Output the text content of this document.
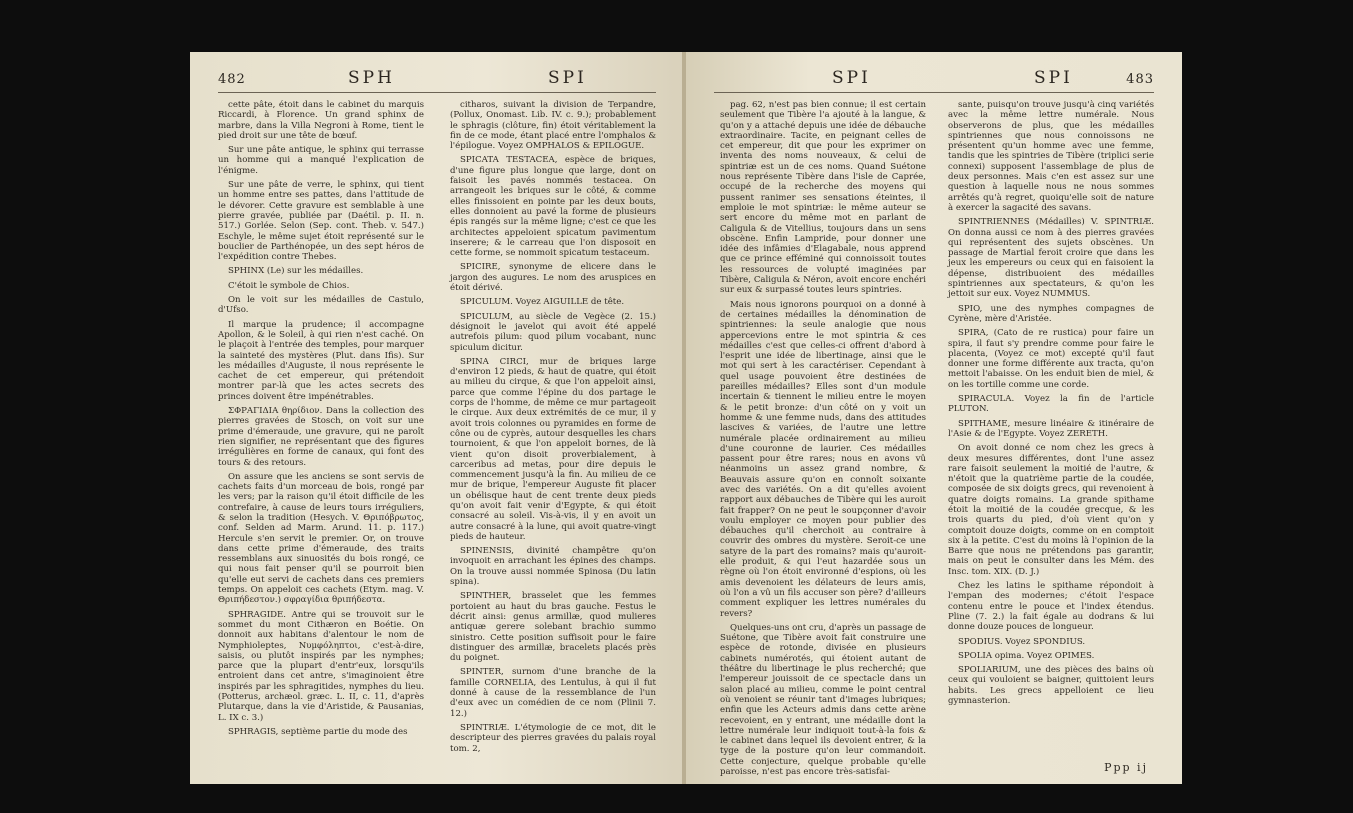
482	SPH	SPI

cette pâte, étoit dans le cabinet du marquis Riccardi, à Florence. Un grand sphinx de marbre, dans la Villa Negroni à Rome, tient le pied droit sur une tête de bœuf.

Sur une pâte antique, le sphinx qui terrasse un homme qui a manqué l'explication de l'énigme.

Sur une pâte de verre, le sphinx, qui tient un homme entre ses pattes, dans l'attitude de le dévorer. Cette gravure est semblable à une pierre gravée, publiée par (Daétil. p. II. n. 517.) Gorlée. Selon (Sep. cont. Theb. v. 547.) Eschyle, le même sujet étoit représenté sur le bouclier de Parthénopée, un des sept héros de l'expédition contre Thebes.

SPHINX (Le) sur les médailles.

C'étoit le symbole de Chios.

On le voit sur les médailles de Castulo, d'Ufso.

Il marque la prudence; il accompagne Apollon, & le Soleil, à qui rien n'est caché. On le plaçoit à l'entrée des temples, pour marquer la sainteté des mystères (Plut. dans Ifis). Sur les médailles d'Auguste, il nous représente le cachet de cet empereur, qui prétendoit montrer par-là que les actes secrets des princes doivent être impénétrables.

ΣΦΡΑΓΙΔΙΑ θηρίδιον. Dans la collection des pierres gravées de Stosch, on voit sur une prime d'émeraude, une gravure, qui ne paroît rien signifier, ne représentant que des figures irrégulières en forme de canaux, qui font des tours & des retours.

On assure que les anciens se sont servis de cachets faits d'un morceau de bois, rongé par les vers; par la raison qu'il étoit difficile de les contrefaire, à cause de leurs tours irréguliers, & selon la tradition (Hesych. V. Θριπόβρωτος, conf. Selden ad Marm. Arund. 11. p. 117.) Hercule s'en servit le premier. Or, on trouve dans cette prime d'émeraude, des traits ressemblans aux sinuosités du bois rongé, ce qui nous fait penser qu'il se pourroit bien qu'elle eut servi de cachets dans ces premiers temps. On appeloit ces cachets (Etym. mag. V. Θριπήδεστον.) σφραγίδια θριπήδεστα.

SPHRAGIDE. Antre qui se trouvoit sur le sommet du mont Cithæron en Boétie. On donnoit aux habitans d'alentour le nom de Nymphioleptes, Νυμφόληπτοι, c'est-à-dire, saisis, ou plutôt inspirés par les nymphes; parce que la plupart d'entr'eux, lorsqu'ils entroient dans cet antre, s'imaginoient être inspirés par les sphragitides, nymphes du lieu. (Potterus, archæol. græc. L. II, c. 11, d'après Plutarque, dans la vie d'Aristide, & Pausanias, L. IX c. 3.)

SPHRAGIS, septième partie du mode des

citharos, suivant la division de Terpandre, (Pollux, Onomast. Lib. IV. c. 9.); probablement le sphragis (clôture, fin) étoit véritablement la fin de ce mode, étant placé entre l'omphalos & l'épilogue. Voyez OMPHALOS & EPILOGUE.

SPICATA TESTACEA, espèce de briques, d'une figure plus longue que large, dont on faisoit les pavés nommés testacea. On arrangeoit les briques sur le côté, & comme elles finissoient en pointe par les deux bouts, elles donnoient au pavé la forme de plusieurs épis rangés sur la même ligne; c'est ce que les architectes appeloient spicatum pavimentum inserere; & le carreau que l'on disposoit en cette forme, se nommoit spicatum testaceum.

SPICIRE, synonyme de elicere dans le jargon des augures. Le nom des aruspices en étoit dérivé.

SPICULUM. Voyez AIGUILLE de tête.

SPICULUM, au siècle de Vegèce (2. 15.) désignoit le javelot qui avoit été appelé autrefois pilum: quod pilum vocabant, nunc spiculum dicitur.

SPINA CIRCI, mur de briques large d'environ 12 pieds, & haut de quatre, qui étoit au milieu du cirque, & que l'on appeloit ainsi, parce que comme l'épine du dos partage le corps de l'homme, de même ce mur partageoit le cirque. Aux deux extrémités de ce mur, il y avoit trois colonnes ou pyramides en forme de cône ou de cyprès, autour desquelles les chars tournoient, & que l'on appeloit bornes, de là vient qu'on disoit proverbialement, à carceribus ad metas, pour dire depuis le commencement jusqu'à la fin. Au milieu de ce mur de brique, l'empereur Auguste fit placer un obélisque haut de cent trente deux pieds qu'on avoit fait venir d'Egypte, & qui étoit consacré au soleil. Vis-à-vis, il y en avoit un autre consacré à la lune, qui avoit quatre-vingt pieds de hauteur.

SPINENSIS, divinité champêtre qu'on invoquoit en arrachant les épines des champs. On la trouve aussi nommée Spinosa (Du latin spina).

SPINTHER, brasselet que les femmes portoient au haut du bras gauche. Festus le décrit ainsi: genus armillæ, quod mulieres antiquæ gerere solebant brachio summo sinistro. Cette position suffisoit pour le faire distinguer des armillæ, bracelets placés près du poignet.

SPINTER, surnom d'une branche de la famille CORNELIA, des Lentulus, à qui il fut donné à cause de la ressemblance de l'un d'eux avec un comédien de ce nom (Plinii 7. 12.)

SPINTRIÆ. L'étymologie de ce mot, dit le descripteur des pierres gravées du palais royal tom. 2,

SPI	SPI	483

pag. 62, n'est pas bien connue; il est certain seulement que Tibère l'a ajouté à la langue, & qu'on y a attaché depuis une idée de débauche extraordinaire. Tacite, en peignant celles de cet empereur, dit que pour les exprimer on inventa des noms nouveaux, & celui de spintriæ est un de ces noms. Quand Suétone nous représente Tibère dans l'isle de Caprée, occupé de la recherche des moyens qui pussent ranimer ses sensations éteintes, il emploie le mot spintriæ: le même auteur se sert encore du même mot en parlant de Caligula & de Vitellius, toujours dans un sens obscène. Enfin Lampride, pour donner une idée des infâmies d'Elagabale, nous apprend que ce prince efféminé qui connoissoit toutes les ressources de volupté imaginées par Tibère, Caligula & Néron, avoit encore enchéri sur eux & surpassé toutes leurs spintries.

Mais nous ignorons pourquoi on a donné à de certaines médailles la dénomination de spintriennes: la seule analogie que nous appercevions entre le mot spintria & ces médailles c'est que celles-ci offrent d'abord à l'esprit une idée de libertinage, ainsi que le mot qui sert à les caractériser. Cependant à quel usage pouvoient être destinées de pareilles médailles? Elles sont d'un module incertain & tiennent le milieu entre le moyen & le petit bronze: d'un côté on y voit un homme & une femme nuds, dans des attitudes lascives & variées, de l'autre une lettre numérale placée ordinairement au milieu d'une couronne de laurier. Ces médailles passent pour être rares; nous en avons vû néanmoins un assez grand nombre, & Beauvais assure qu'on en connoît soixante avec des variétés. On a dit qu'elles avoient rapport aux débauches de Tibère qui les auroit fait frapper? On ne peut le soupçonner d'avoir voulu employer ce moyen pour publier des débauches qu'il cherchoit au contraire à couvrir des ombres du mystère. Seroit-ce une satyre de la part des romains? mais qu'auroit-elle produit, & qui l'eut hazardée sous un règne où l'on étoit environné d'espions, où les amis devenoient les délateurs de leurs amis, où l'on a vû un fils accuser son père? d'ailleurs comment expliquer les lettres numérales du revers?

Quelques-uns ont cru, d'après un passage de Suétone, que Tibère avoit fait construire une espèce de rotonde, divisée en plusieurs cabinets numérotés, qui étoient autant de théâtre du libertinage le plus recherché; que l'empereur jouissoit de ce spectacle dans un salon placé au milieu, comme le point central où venoient se réunir tant d'images lubriques; enfin que les Acteurs admis dans cette arène recevoient, en y entrant, une médaille dont la lettre numérale leur indiquoit tout-à-la fois & le cabinet dans lequel ils devoient entrer, & la tyge de la posture qu'on leur commandoit. Cette conjecture, quelque probable qu'elle paroisse, n'est pas encore très-satisfai-

sante, puisqu'on trouve jusqu'à cinq variétés avec la même lettre numérale. Nous observerons de plus, que les médailles spintriennes que nous connoissons ne présentent qu'un homme avec une femme, tandis que les spintries de Tibère (triplici serie connexi) supposent l'assemblage de plus de deux personnes. Mais c'en est assez sur une question à laquelle nous ne nous sommes arrêtés qu'à regret, quoiqu'elle soit de nature à exercer la sagacité des savans.

SPINTRIENNES (Médailles) V. SPINTRIÆ. On donna aussi ce nom à des pierres gravées qui représentent des sujets obscènes. Un passage de Martial feroit croire que dans les jeux les empereurs ou ceux qui en faisoient la dépense, distribuoient des médailles spintriennes aux spectateurs, & qu'on les jettoit sur eux. Voyez NUMMUS.

SPIO, une des nymphes compagnes de Cyrène, mère d'Aristée.

SPIRA, (Cato de re rustica) pour faire un spira, il faut s'y prendre comme pour faire le placenta, (Voyez ce mot) excepté qu'il faut donner une forme différente aux tracta, qu'on mettoit l'abaisse. On les enduit bien de miel, & on les tortille comme une corde.

SPIRACULA. Voyez la fin de l'article PLUTON.

SPITHAME, mesure linéaire & itinéraire de l'Asie & de l'Egypte. Voyez ZERETH.

On avoit donné ce nom chez les grecs à deux mesures différentes, dont l'une assez rare faisoit seulement la moitié de l'autre, & n'étoit que la quatrième partie de la coudée, composée de six doigts grecs, qui revenoient à quatre doigts romains. La grande spithame étoit la moitié de la coudée grecque, & les trois quarts du pied, d'où vient qu'on y comptoit douze doigts, comme on en comptoit six à la petite. C'est du moins là l'opinion de la Barre que nous ne prétendons pas garantir, mais on peut le consulter dans les Mém. des Insc. tom. XIX. (D. J.)

Chez les latins le spithame répondoit à l'empan des modernes; c'étoit l'espace contenu entre le pouce et l'index étendus. Pline (7. 2.) la fait égale au dodrans & lui donne douze pouces de longueur.

SPODIUS. Voyez SPONDIUS.

SPOLIA opima. Voyez OPIMES.

SPOLIARIUM, une des pièces des bains où ceux qui vouloient se baigner, quittoient leurs habits. Les grecs appelloient ce lieu gymnasterion.

Ppp ij
